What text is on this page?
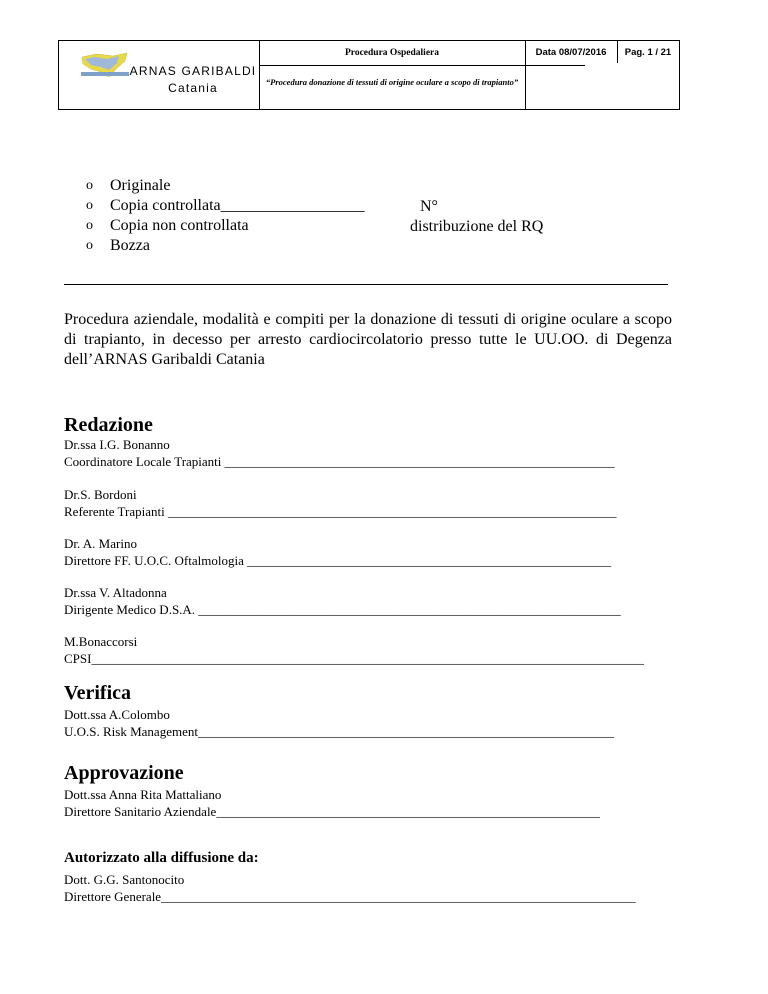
ARNAS GARIBALDI
Catania
Procedura Ospedaliera	Data 08/07/2016	Pag. 1 / 21
“Procedura donazione di tessuti di origine oculare a scopo di trapianto”
o	Originale
o	Copia controllata__________________
o	Copia non controllata
o	Bozza
N°
distribuzione del RQ
Procedura aziendale, modalità e compiti per la donazione di tessuti di origine oculare a scopo di trapianto, in decesso per arresto cardiocircolatorio presso tutte le UU.OO. di Degenza dell’ARNAS Garibaldi Catania
Redazione
Dr.ssa I.G. Bonanno
Coordinatore Locale Trapianti ____________________________________________________________
Dr.S. Bordoni
Referente Trapianti _____________________________________________________________________
Dr. A. Marino
Direttore FF. U.O.C. Oftalmologia ________________________________________________________
Dr.ssa V. Altadonna
Dirigente Medico D.S.A. _________________________________________________________________
M.Bonaccorsi
CPSI_____________________________________________________________________________________
Verifica
Dott.ssa A.Colombo
U.O.S. Risk Management________________________________________________________________
Approvazione
Dott.ssa Anna Rita Mattaliano
Direttore Sanitario Aziendale___________________________________________________________
Autorizzato alla diffusione da:
Dott. G.G. Santonocito
Direttore Generale_________________________________________________________________________
